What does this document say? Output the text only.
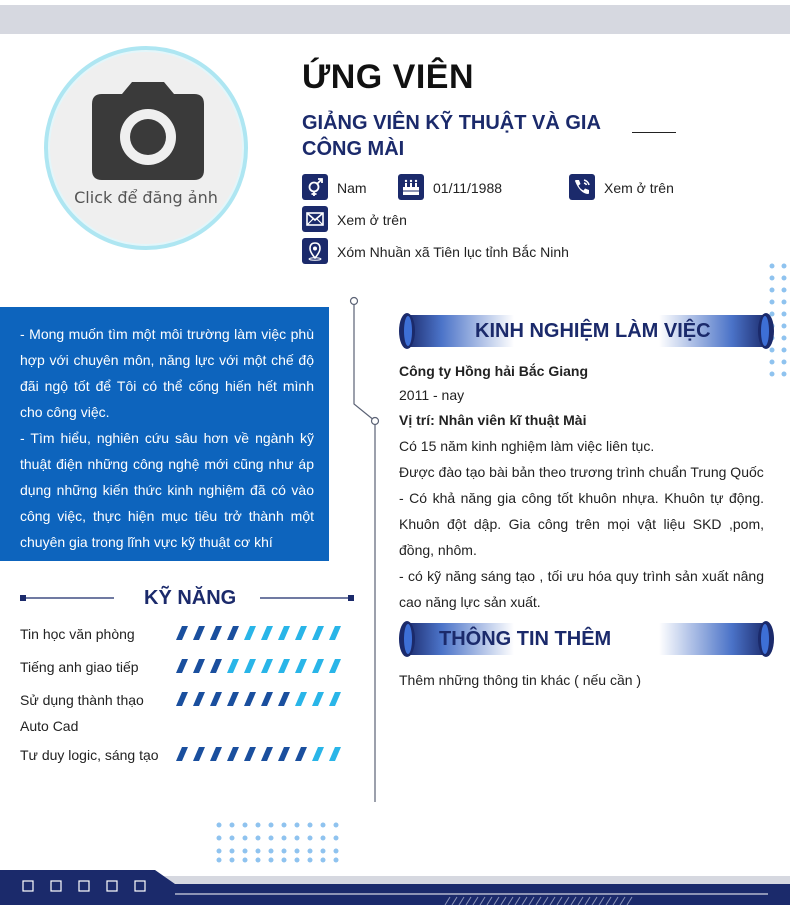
Click để đăng ảnh
ỨNG VIÊN
GIẢNG VIÊN KỸ THUẬT VÀ GIA CÔNG MÀI
Nam	01/11/1988	Xem ở trên
Xem ở trên
Xóm Nhuần xã Tiên lục tỉnh Bắc Ninh

- Mong muốn tìm một môi trường làm việc phù hợp với chuyên môn, năng lực với một chế độ đãi ngộ tốt để Tôi có thể cống hiến hết mình cho công việc.

- Tìm hiểu, nghiên cứu sâu hơn về ngành kỹ thuật điện những công nghệ mới cũng như áp dụng những kiến thức kinh nghiệm đã có vào công việc, thực hiện mục tiêu trở thành một chuyên gia trong lĩnh vực kỹ thuật cơ khí

KỸ NĂNG
Tin học văn phòng
Tiếng anh giao tiếp
Sử dụng thành thạo Auto Cad
Tư duy logic, sáng tạo
KINH NGHIỆM LÀM VIỆC
Công ty Hồng hải Bắc Giang
2011 - nay
Vị trí: Nhân viên kĩ thuật Mài
Có 15 năm kinh nghiệm làm việc liên tục.
Được đào tạo bài bản theo trương trình chuẩn Trung Quốc
- Có khả năng gia công tốt khuôn nhựa. Khuôn tự động. Khuôn đột dập. Gia công trên mọi vật liệu SKD ,pom, đồng, nhôm.
- có kỹ năng sáng tạo , tối ưu hóa quy trình sản xuất nâng cao năng lực sản xuất.
THÔNG TIN THÊM
Thêm những thông tin khác ( nếu cần )
